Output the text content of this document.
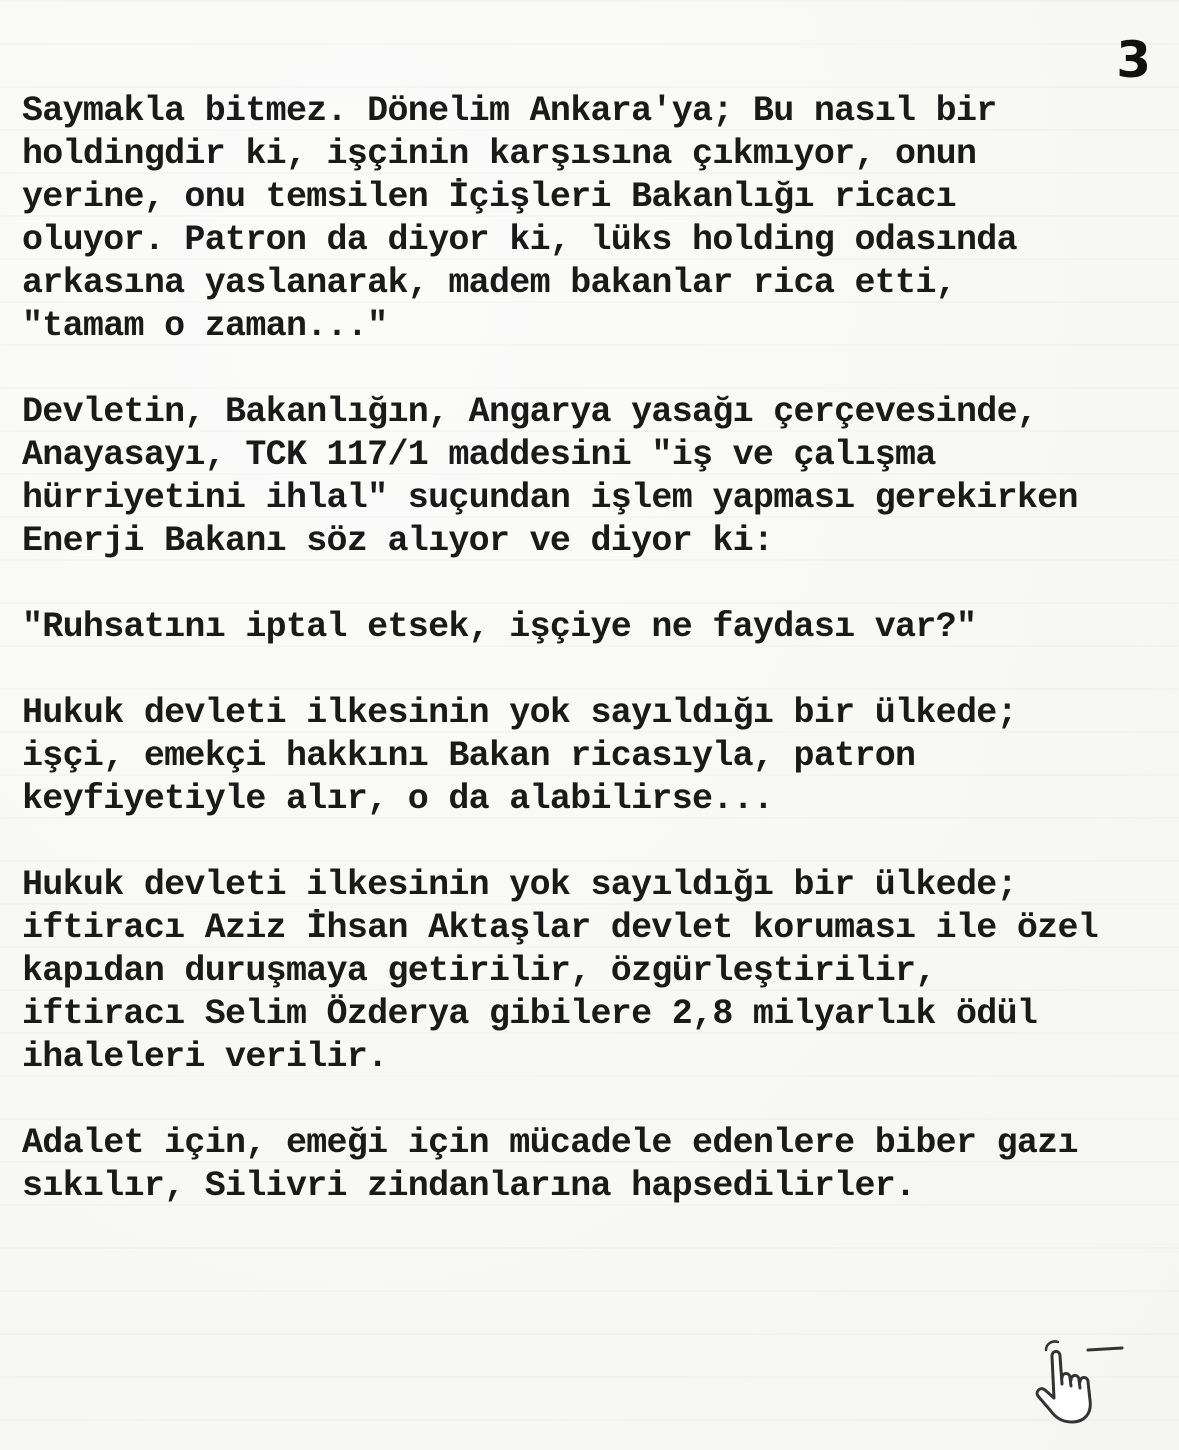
3

Saymakla bitmez. Dönelim Ankara'ya; Bu nasıl bir
holdingdir ki, işçinin karşısına çıkmıyor, onun
yerine, onu temsilen İçişleri Bakanlığı ricacı
oluyor. Patron da diyor ki, lüks holding odasında
arkasına yaslanarak, madem bakanlar rica etti,
"tamam o zaman..."

Devletin, Bakanlığın, Angarya yasağı çerçevesinde,
Anayasayı, TCK 117/1 maddesini "iş ve çalışma
hürriyetini ihlal" suçundan işlem yapması gerekirken
Enerji Bakanı söz alıyor ve diyor ki:

"Ruhsatını iptal etsek, işçiye ne faydası var?"

Hukuk devleti ilkesinin yok sayıldığı bir ülkede;
işçi, emekçi hakkını Bakan ricasıyla, patron
keyfiyetiyle alır, o da alabilirse...

Hukuk devleti ilkesinin yok sayıldığı bir ülkede;
iftiracı Aziz İhsan Aktaşlar devlet koruması ile özel
kapıdan duruşmaya getirilir, özgürleştirilir,
iftiracı Selim Özderya gibilere 2,8 milyarlık ödül
ihaleleri verilir.

Adalet için, emeği için mücadele edenlere biber gazı
sıkılır, Silivri zindanlarına hapsedilirler.
